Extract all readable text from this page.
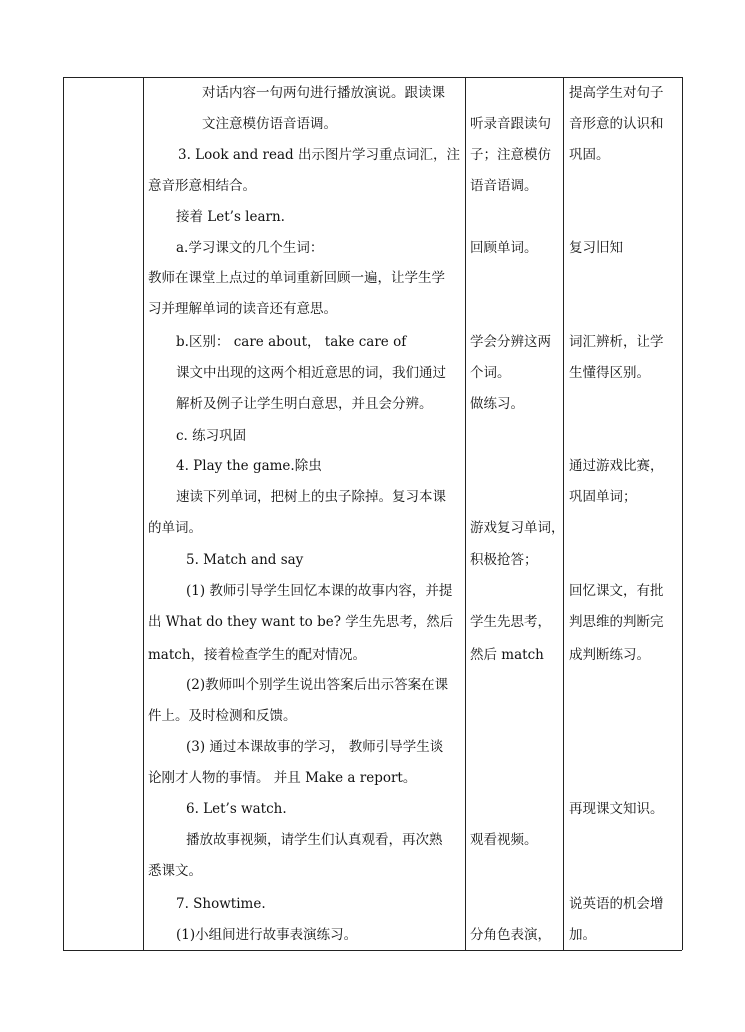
对话内容一句两句进行播放演说。跟读课
文注意模仿语音语调。
3. Look and read 出示图片学习重点词汇，注
意音形意相结合。
接着 Let’s learn.
a.学习课文的几个生词：
教师在课堂上点过的单词重新回顾一遍，让学生学
习并理解单词的读音还有意思。
b.区别： care about， take care of
课文中出现的这两个相近意思的词，我们通过
解析及例子让学生明白意思，并且会分辨。
c. 练习巩固
4. Play the game.除虫
速读下列单词，把树上的虫子除掉。复习本课
的单词。
5. Match and say
(1) 教师引导学生回忆本课的故事内容，并提
出 What do they want to be? 学生先思考，然后
match，接着检查学生的配对情况。
(2)教师叫个别学生说出答案后出示答案在课
件上。及时检测和反馈。
(3) 通过本课故事的学习， 教师引导学生谈
论刚才人物的事情。 并且 Make a report。
6. Let’s watch.
播放故事视频，请学生们认真观看，再次熟
悉课文。
7. Showtime.
(1)小组间进行故事表演练习。
听录音跟读句
子；注意模仿
语音语调。
回顾单词。
学会分辨这两
个词。
做练习。
游戏复习单词，
积极抢答；
学生先思考，
然后 match
观看视频。
分角色表演，
提高学生对句子
音形意的认识和
巩固。
复习旧知
词汇辨析，让学
生懂得区别。
通过游戏比赛，
巩固单词；
回忆课文，有批
判思维的判断完
成判断练习。
再现课文知识。
说英语的机会增
加。
